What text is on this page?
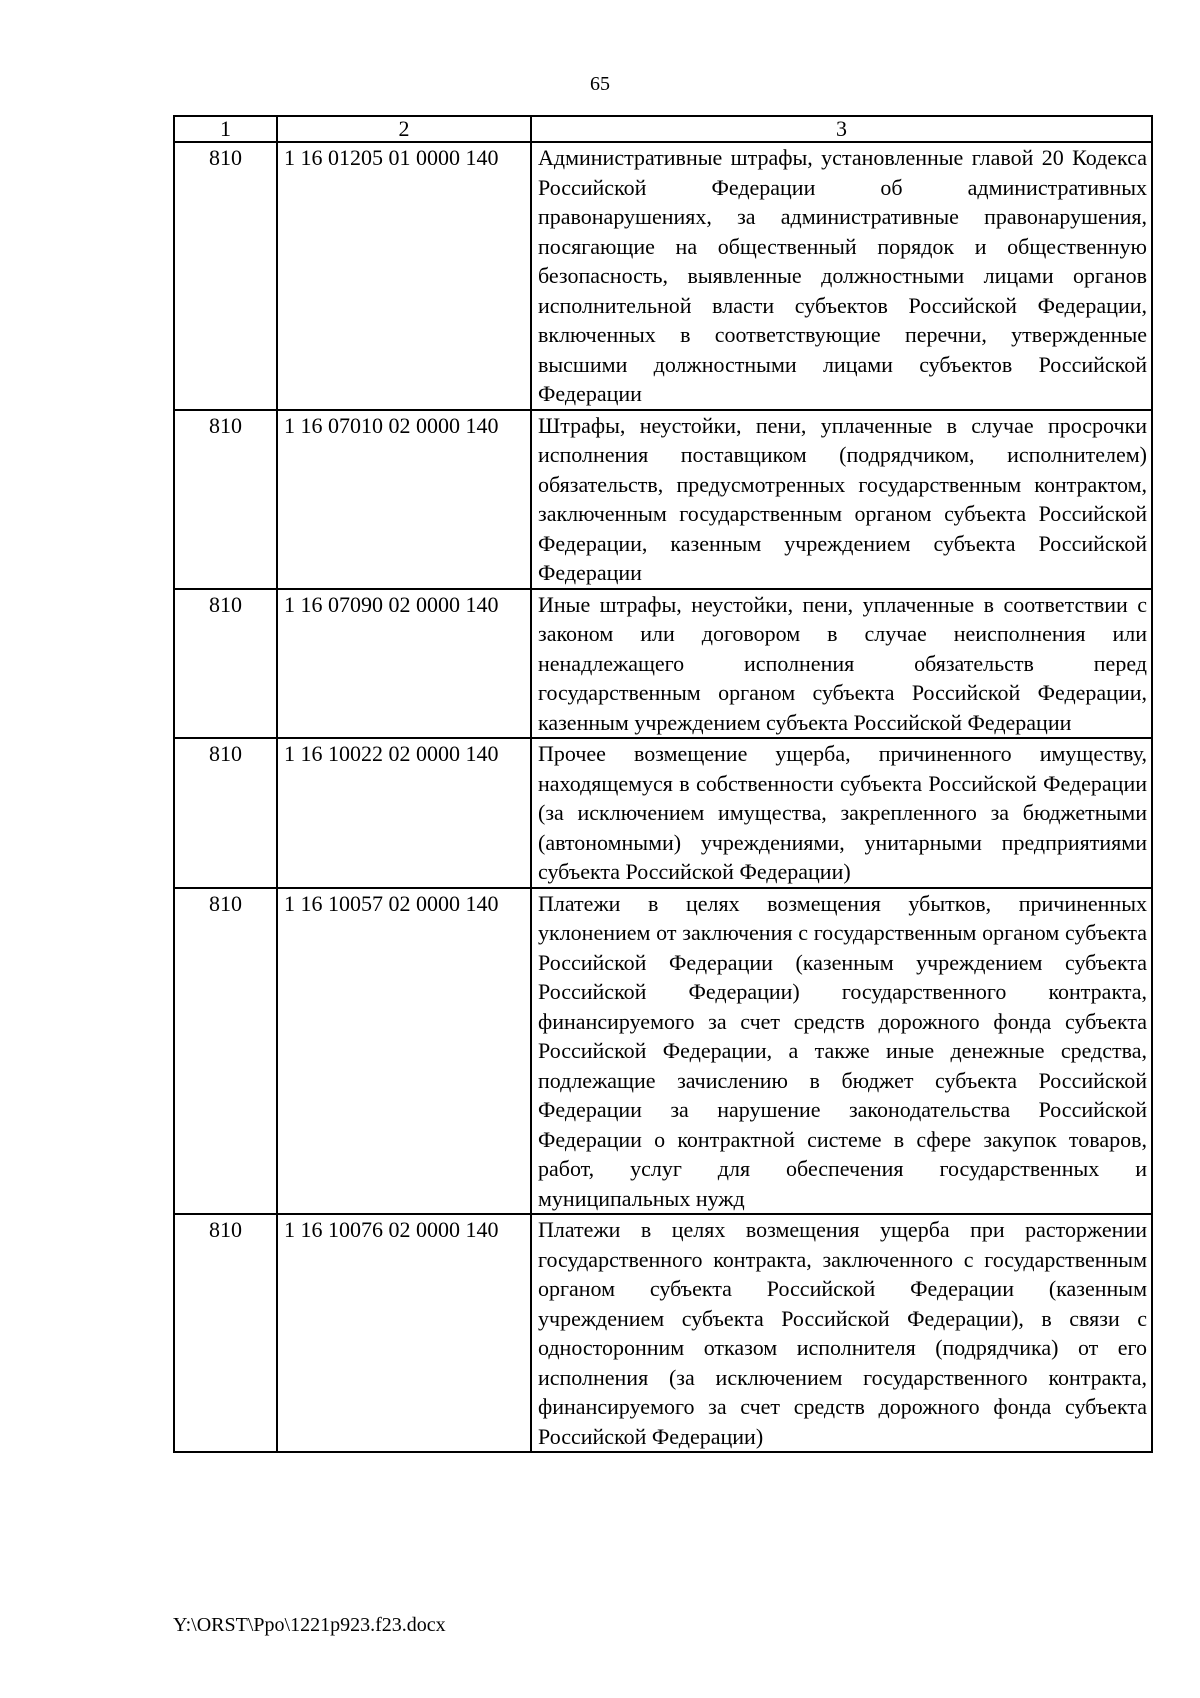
65
1	2	3
810	1 16 01205 01 0000 140	Административные штрафы, установленные главой 20 Кодекса Российской Федерации об административных правонарушениях, за административные правонарушения, посягающие на общественный порядок и общественную безопасность, выявленные должностными лицами органов исполнительной власти субъектов Российской Федерации, включенных в соответствующие перечни, утвержденные высшими должностными лицами субъектов Российской Федерации
810	1 16 07010 02 0000 140	Штрафы, неустойки, пени, уплаченные в случае просрочки исполнения поставщиком (подрядчиком, исполнителем) обязательств, предусмотренных государственным контрактом, заключенным государственным органом субъекта Российской Федерации, казенным учреждением субъекта Российской Федерации
810	1 16 07090 02 0000 140	Иные штрафы, неустойки, пени, уплаченные в соответствии с законом или договором в случае неисполнения или ненадлежащего исполнения обязательств перед государственным органом субъекта Российской Федерации, казенным учреждением субъекта Российской Федерации
810	1 16 10022 02 0000 140	Прочее возмещение ущерба, причиненного имуществу, находящемуся в собственности субъекта Российской Федерации (за исключением имущества, закрепленного за бюджетными (автономными) учреждениями, унитарными предприятиями субъекта Российской Федерации)
810	1 16 10057 02 0000 140	Платежи в целях возмещения убытков, причиненных уклонением от заключения с государственным органом субъекта Российской Федерации (казенным учреждением субъекта Российской Федерации) государственного контракта, финансируемого за счет средств дорожного фонда субъекта Российской Федерации, а также иные денежные средства, подлежащие зачислению в бюджет субъекта Российской Федерации за нарушение законодательства Российской Федерации о контрактной системе в сфере закупок товаров, работ, услуг для обеспечения государственных и муниципальных нужд
810	1 16 10076 02 0000 140	Платежи в целях возмещения ущерба при расторжении государственного контракта, заключенного с государственным органом субъекта Российской Федерации (казенным учреждением субъекта Российской Федерации), в связи с односторонним отказом исполнителя (подрядчика) от его исполнения (за исключением государственного контракта, финансируемого за счет средств дорожного фонда субъекта Российской Федерации)
Y:\ORST\Ppo\1221p923.f23.docx
